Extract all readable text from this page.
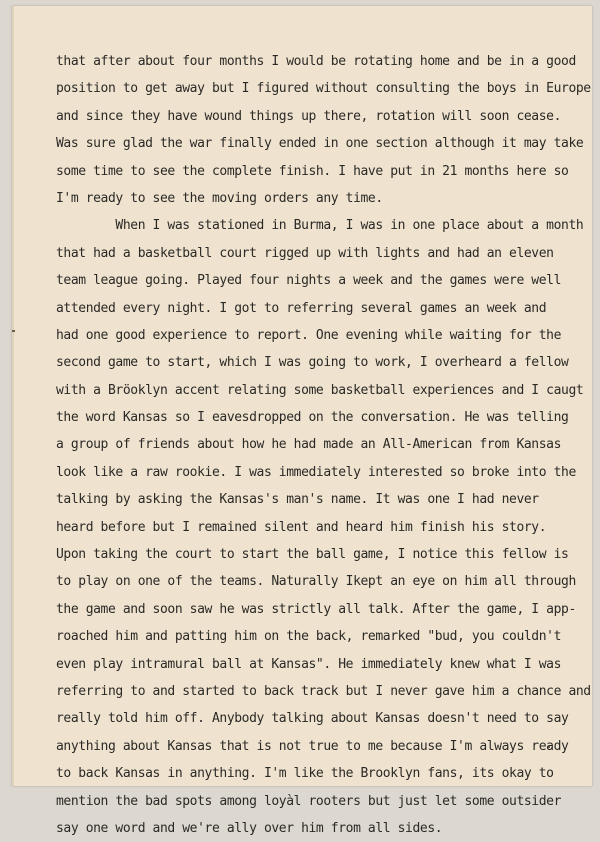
that after about four months I would be rotating home and be in a good
position to get away but I figured without consulting the boys in Europe
and since they have wound things up there, rotation will soon cease.
Was sure glad the war finally ended in one section although it may take
some time to see the complete finish. I have put in 21 months here so
I'm ready to see the moving orders any time.
When I was stationed in Burma, I was in one place about a month
that had a basketball court rigged up with lights and had an eleven
team league going. Played four nights a week and the games were well
attended every night. I got to referring several games an week and
had one good experience to report. One evening while waiting for the
second game to start, which I was going to work, I overheard a fellow
with a Bröoklyn accent relating some basketball experiences and I caugt
the word Kansas so I eavesdropped on the conversation. He was telling
a group of friends about how he had made an All-American from Kansas
look like a raw rookie. I was immediately interested so broke into the
talking by asking the Kansas's man's name. It was one I had never
heard before but I remained silent and heard him finish his story.
Upon taking the court to start the ball game, I notice this fellow is
to play on one of the teams. Naturally Ikept an eye on him all through
the game and soon saw he was strictly all talk. After the game, I app-
roached him and patting him on the back, remarked "bud, you couldn't
even play intramural ball at Kansas". He immediately knew what I was
referring to and started to back track but I never gave him a chance and
really told him off. Anybody talking about Kansas doesn't need to say
anything about Kansas that is not true to me because I'm always ready
to back Kansas in anything. I'm like the Brooklyn fans, its okay to
mention the bad spots among loyàl rooters but just let some outsider
say one word and we're ally over him from all sides.
